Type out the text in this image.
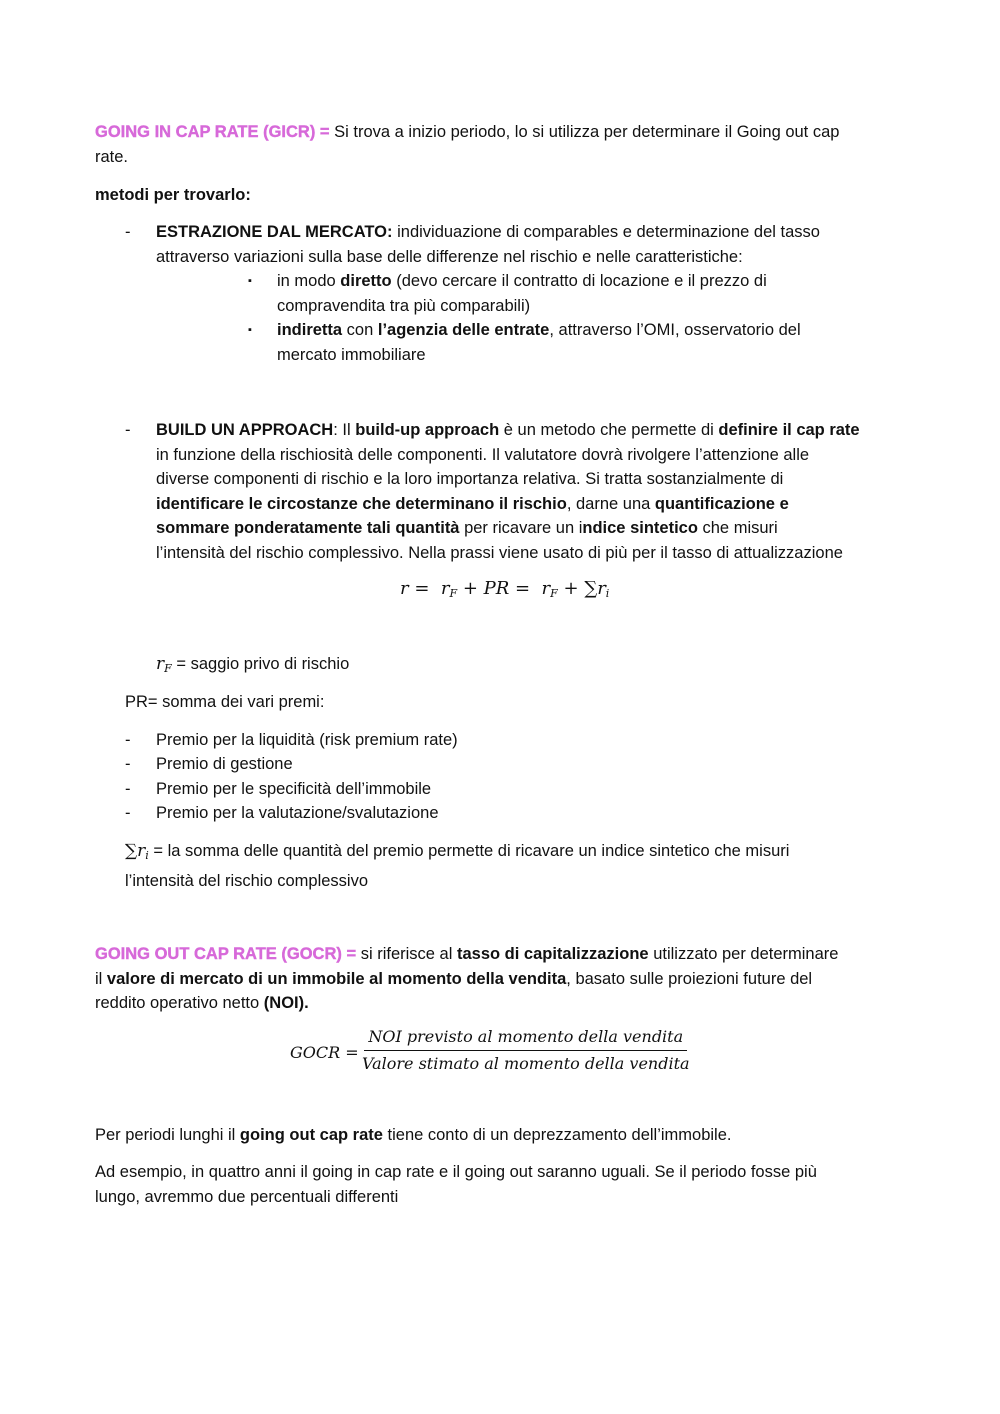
GOING IN CAP RATE (GICR) = Si trova a inizio periodo, lo si utilizza per determinare il Going out cap
rate.
metodi per trovarlo:
- ESTRAZIONE DAL MERCATO: individuazione di comparables e determinazione del tasso
attraverso variazioni sulla base delle differenze nel rischio e nelle caratteristiche:
▪ in modo diretto (devo cercare il contratto di locazione e il prezzo di
compravendita tra più comparabili)
▪ indiretta con l’agenzia delle entrate, attraverso l’OMI, osservatorio del
mercato immobiliare
- BUILD UN APPROACH: Il build-up approach è un metodo che permette di definire il cap rate
in funzione della rischiosità delle componenti. Il valutatore dovrà rivolgere l’attenzione alle
diverse componenti di rischio e la loro importanza relativa. Si tratta sostanzialmente di
identificare le circostanze che determinano il rischio, darne una quantificazione e
sommare ponderatamente tali quantità per ricavare un indice sintetico che misuri
l’intensità del rischio complessivo. Nella prassi viene usato di più per il tasso di attualizzazione
$r = r_F$ + PR =  $r_F + \sum r_i$
$r_F$ = saggio privo di rischio
PR= somma dei vari premi:
- Premio per la liquidità (risk premium rate)
- Premio di gestione
- Premio per le specificità dell’immobile
- Premio per la valutazione/svalutazione
$\sum r_i$ = la somma delle quantità del premio permette di ricavare un indice sintetico che misuri
l’intensità del rischio complessivo
GOING OUT CAP RATE (GOCR) = si riferisce al tasso di capitalizzazione utilizzato per determinare
il valore di mercato di un immobile al momento della vendita, basato sulle proiezioni future del
reddito operativo netto (NOI).
GOCR =
NOI previsto al momento della vendita
Valore stimato al momento della vendita
Per periodi lunghi il going out cap rate tiene conto di un deprezzamento dell’immobile.
Ad esempio, in quattro anni il going in cap rate e il going out saranno uguali. Se il periodo fosse più
lungo, avremmo due percentuali differenti
